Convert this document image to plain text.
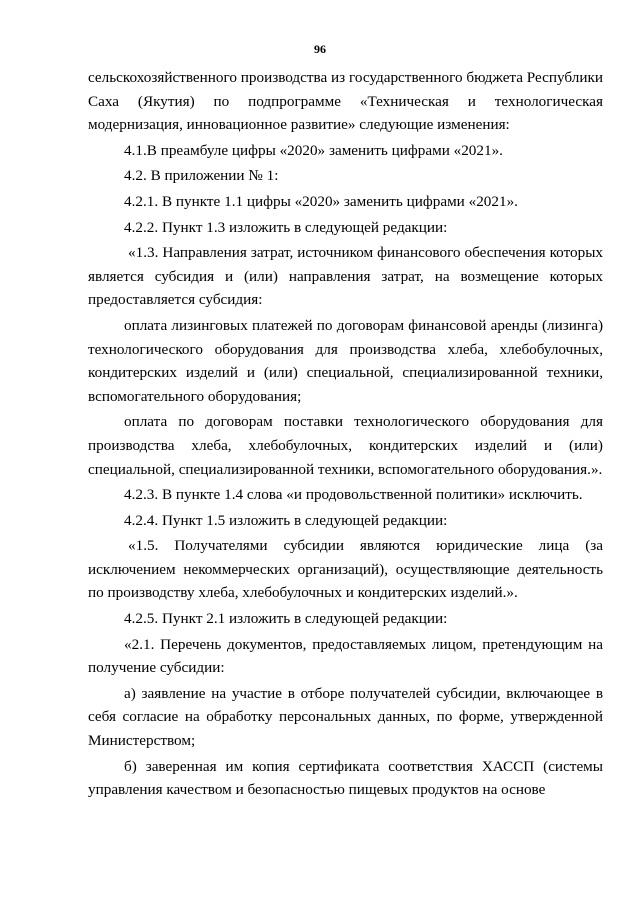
96

сельскохозяйственного производства из государственного бюджета Республики Саха (Якутия) по подпрограмме «Техническая и технологическая модернизация, инновационное развитие» следующие изменения:

4.1.В преамбуле цифры «2020» заменить цифрами «2021».

4.2. В приложении № 1:

4.2.1. В пункте 1.1 цифры «2020» заменить цифрами «2021».

4.2.2. Пункт 1.3 изложить в следующей редакции:

«1.3. Направления затрат, источником финансового обеспечения которых является субсидия и (или) направления затрат, на возмещение которых предоставляется субсидия:

оплата лизинговых платежей по договорам финансовой аренды (лизинга) технологического оборудования для производства хлеба, хлебобулочных, кондитерских изделий и (или) специальной, специализированной техники, вспомогательного оборудования;

оплата по договорам поставки технологического оборудования для производства хлеба, хлебобулочных, кондитерских изделий и (или) специальной, специализированной техники, вспомогательного оборудования.».

4.2.3. В пункте 1.4 слова «и продовольственной политики» исключить.

4.2.4. Пункт 1.5 изложить в следующей редакции:

«1.5. Получателями субсидии являются юридические лица (за исключением некоммерческих организаций), осуществляющие деятельность по производству хлеба, хлебобулочных и кондитерских изделий.».

4.2.5. Пункт 2.1 изложить в следующей редакции:

«2.1. Перечень документов, предоставляемых лицом, претендующим на получение субсидии:

а) заявление на участие в отборе получателей субсидии, включающее в себя согласие на обработку персональных данных, по форме, утвержденной Министерством;

б) заверенная им копия сертификата соответствия ХАССП (системы управления качеством и безопасностью пищевых продуктов на основе
